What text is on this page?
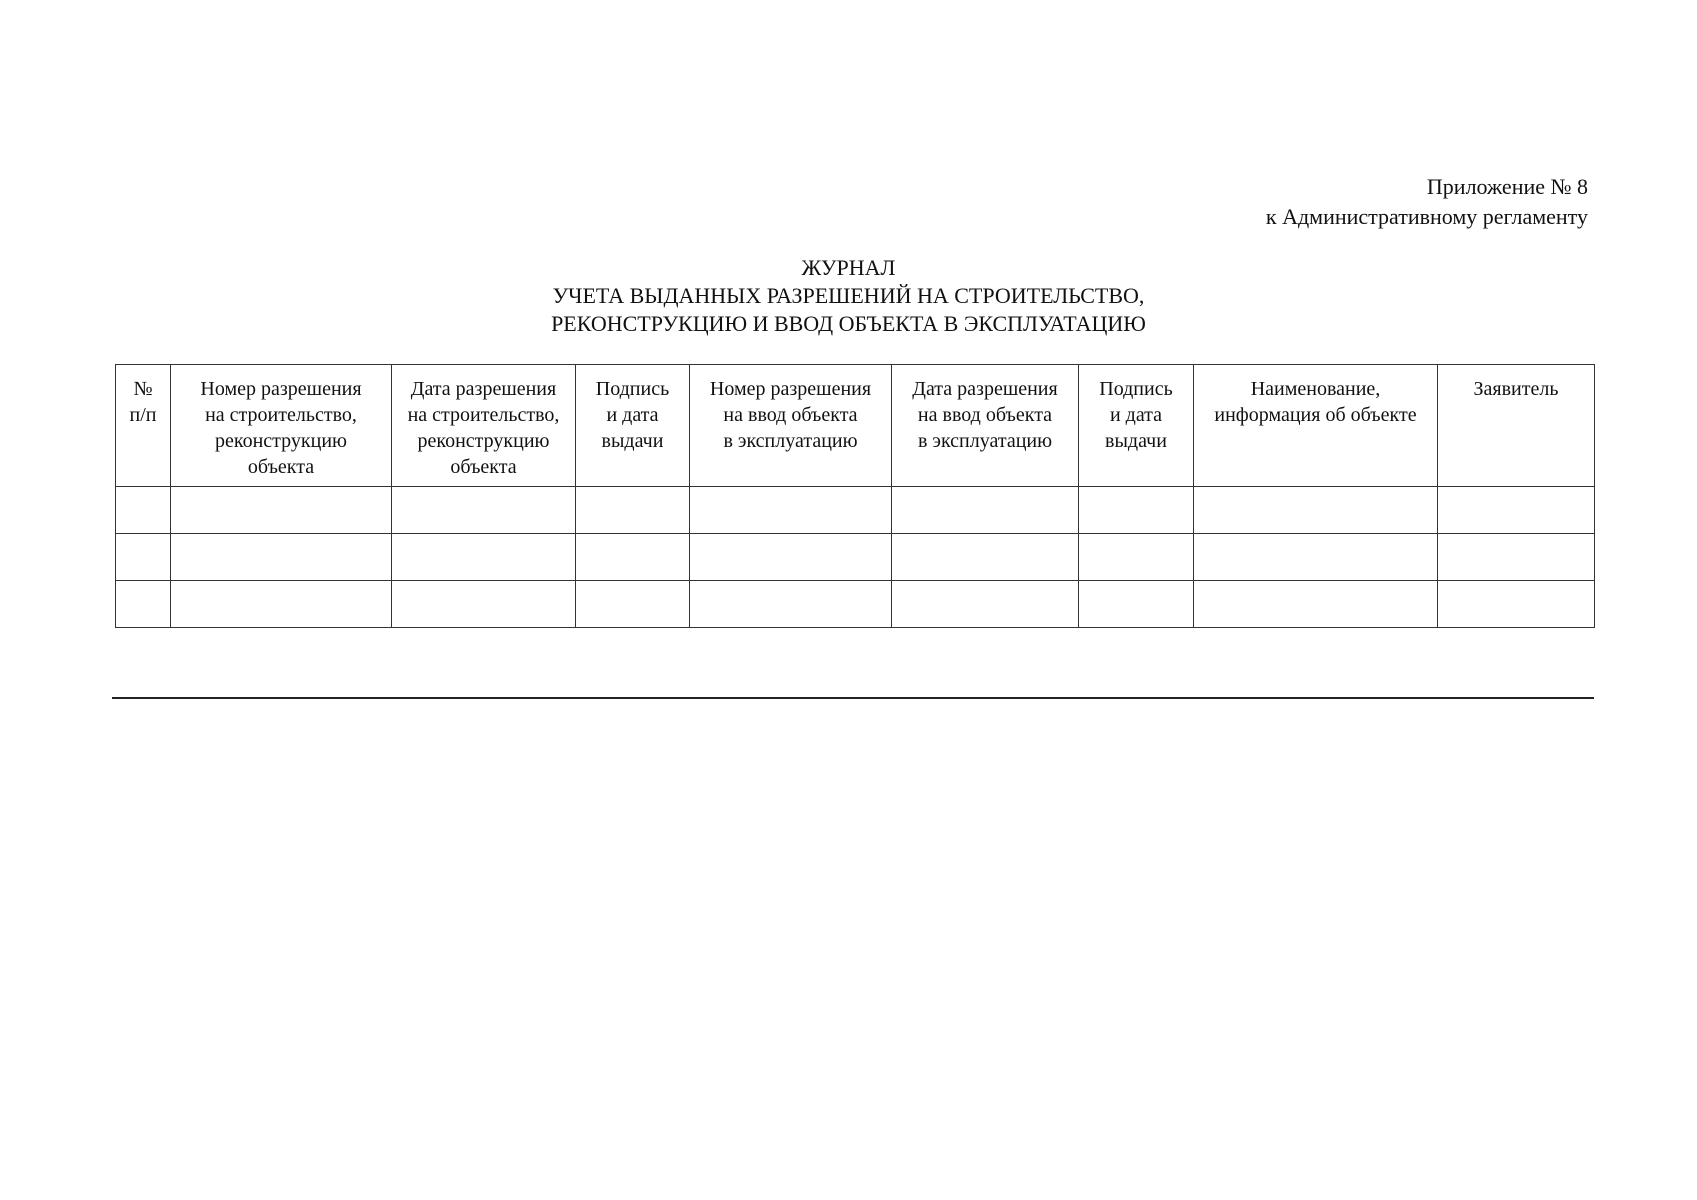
Приложение № 8
к Административному регламенту
ЖУРНАЛ
УЧЕТА ВЫДАННЫХ РАЗРЕШЕНИЙ НА СТРОИТЕЛЬСТВО,
РЕКОНСТРУКЦИЮ И ВВОД ОБЪЕКТА В ЭКСПЛУАТАЦИЮ
№
п/п	Номер разрешения
на строительство,
реконструкцию
объекта	Дата разрешения
на строительство,
реконструкцию
объекта	Подпись
и дата
выдачи	Номер разрешения
на ввод объекта
в эксплуатацию	Дата разрешения
на ввод объекта
в эксплуатацию	Подпись
и дата
выдачи	Наименование,
информация об объекте	Заявитель
